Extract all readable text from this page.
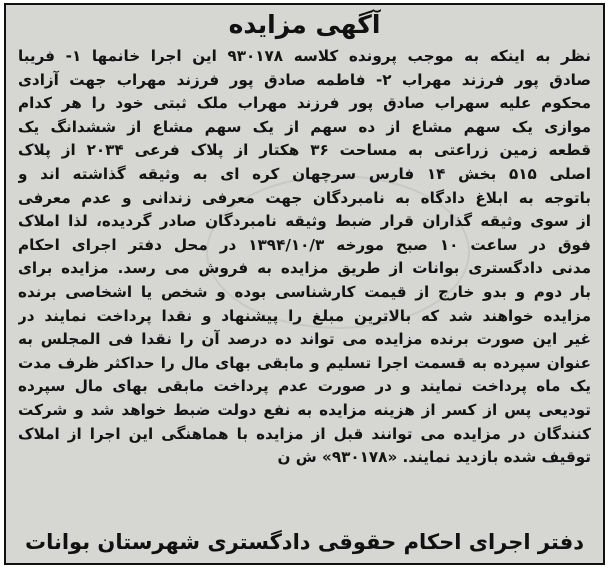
آگهی مزایده
نظر به اینکه به موجب پرونده کلاسه ۹۳۰۱۷۸ این اجرا خانمها ۱- فریبا
صادق پور فرزند مهراب ۲- فاطمه صادق پور فرزند مهراب جهت آزادی
محکوم علیه سهراب صادق پور فرزند مهراب ملک ثبتی خود را هر کدام
موازی یک سهم مشاع از ده سهم از یک سهم مشاع از ششدانگ یک
قطعه زمین زراعتی به مساحت ۳۶ هکتار از پلاک فرعی ۲۰۳۴ از پلاک
اصلی ۵۱۵ بخش ۱۴ فارس سرچهان کره ای به وثیقه گذاشته اند و
باتوجه به ابلاغ دادگاه به نامبردگان جهت معرفی زندانی و عدم معرفی
از سوی وثیقه گذاران قرار ضبط وثیقه نامبردگان صادر گردیده، لذا املاک
فوق در ساعت ۱۰ صبح مورخه ۱۳۹۴/۱۰/۳ در محل دفتر اجرای احکام
مدنی دادگستری بوانات از طریق مزایده به فروش می رسد. مزایده برای
بار دوم و بدو خارج از قیمت کارشناسی بوده و شخص یا اشخاصی برنده
مزایده خواهند شد که بالاترین مبلغ را پیشنهاد و نقدا پرداخت نمایند در
غیر این صورت برنده مزایده می تواند ده درصد آن را نقدا فی المجلس به
عنوان سپرده به قسمت اجرا تسلیم و مابقی بهای مال را حداکثر ظرف مدت
یک ماه پرداخت نمایند و در صورت عدم پرداخت مابقی بهای مال سپرده
تودیعی پس از کسر از هزینه مزایده به نفع دولت ضبط خواهد شد و شرکت
کنندگان در مزایده می توانند قبل از مزایده با هماهنگی این اجرا از املاک
توقیف شده بازدید نمایند. «۹۳۰۱۷۸» ش ن
دفتر اجرای احکام حقوقی دادگستری شهرستان بوانات
